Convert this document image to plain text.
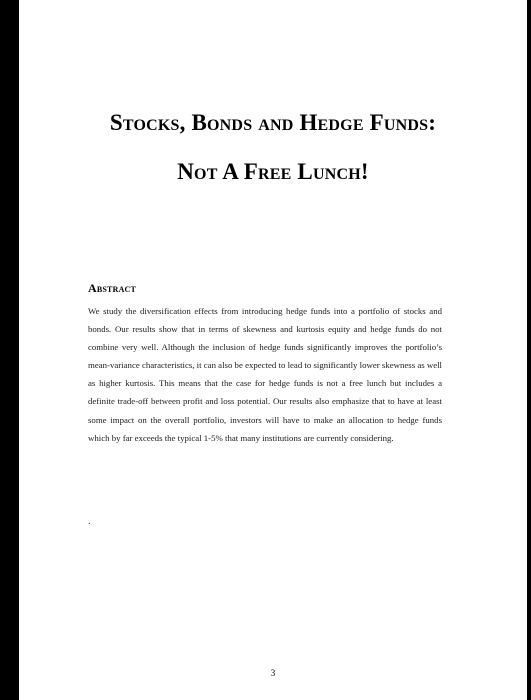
Stocks, Bonds and Hedge Funds:
Not A Free Lunch!
Abstract

We study the diversification effects from introducing hedge funds into a portfolio of stocks and bonds. Our results show that in terms of skewness and kurtosis equity and hedge funds do not combine very well. Although the inclusion of hedge funds significantly improves the portfolio’s mean-variance characteristics, it can also be expected to lead to significantly lower skewness as well as higher kurtosis. This means that the case for hedge funds is not a free lunch but includes a definite trade-off between profit and loss potential. Our results also emphasize that to have at least some impact on the overall portfolio, investors will have to make an allocation to hedge funds which by far exceeds the typical 1-5% that many institutions are currently considering.

.

3
